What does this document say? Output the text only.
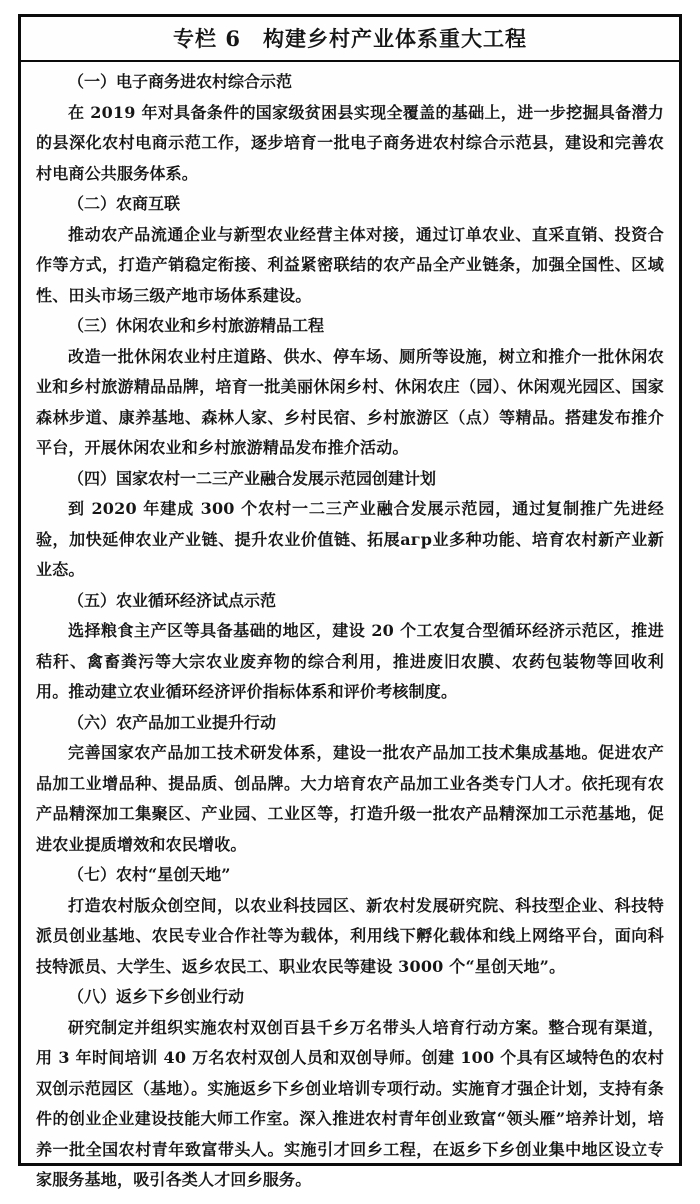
专栏 6　构建乡村产业体系重大工程
（一）电子商务进农村综合示范

在 2019 年对具备条件的国家级贫困县实现全覆盖的基础上，进一步挖掘具备潜力的县深化农村电商示范工作，逐步培育一批电子商务进农村综合示范县，建设和完善农村电商公共服务体系。

（二）农商互联

推动农产品流通企业与新型农业经营主体对接，通过订单农业、直采直销、投资合作等方式，打造产销稳定衔接、利益紧密联结的农产品全产业链条，加强全国性、区域性、田头市场三级产地市场体系建设。

（三）休闲农业和乡村旅游精品工程

改造一批休闲农业村庄道路、供水、停车场、厕所等设施，树立和推介一批休闲农业和乡村旅游精品品牌，培育一批美丽休闲乡村、休闲农庄（园）、休闲观光园区、国家森林步道、康养基地、森林人家、乡村民宿、乡村旅游区（点）等精品。搭建发布推介平台，开展休闲农业和乡村旅游精品发布推介活动。

（四）国家农村一二三产业融合发展示范园创建计划

到 2020 年建成 300 个农村一二三产业融合发展示范园，通过复制推广先进经验，加快延伸农业产业链、提升农业价值链、拓展агр业多种功能、培育农村新产业新业态。

（五）农业循环经济试点示范

选择粮食主产区等具备基础的地区，建设 20 个工农复合型循环经济示范区，推进秸秆、禽畜粪污等大宗农业废弃物的综合利用，推进废旧农膜、农药包装物等回收利用。推动建立农业循环经济评价指标体系和评价考核制度。

（六）农产品加工业提升行动

完善国家农产品加工技术研发体系，建设一批农产品加工技术集成基地。促进农产品加工业增品种、提品质、创品牌。大力培育农产品加工业各类专门人才。依托现有农产品精深加工集聚区、产业园、工业区等，打造升级一批农产品精深加工示范基地，促进农业提质增效和农民增收。

（七）农村“星创天地”

打造农村版众创空间，以农业科技园区、新农村发展研究院、科技型企业、科技特派员创业基地、农民专业合作社等为载体，利用线下孵化载体和线上网络平台，面向科技特派员、大学生、返乡农民工、职业农民等建设 3000 个“星创天地”。

（八）返乡下乡创业行动

研究制定并组织实施农村双创百县千乡万名带头人培育行动方案。整合现有渠道，用 3 年时间培训 40 万名农村双创人员和双创导师。创建 100 个具有区域特色的农村双创示范园区（基地）。实施返乡下乡创业培训专项行动。实施育才强企计划，支持有条件的创业企业建设技能大师工作室。深入推进农村青年创业致富“领头雁”培养计划，培养一批全国农村青年致富带头人。实施引才回乡工程，在返乡下乡创业集中地区设立专家服务基地，吸引各类人才回乡服务。
